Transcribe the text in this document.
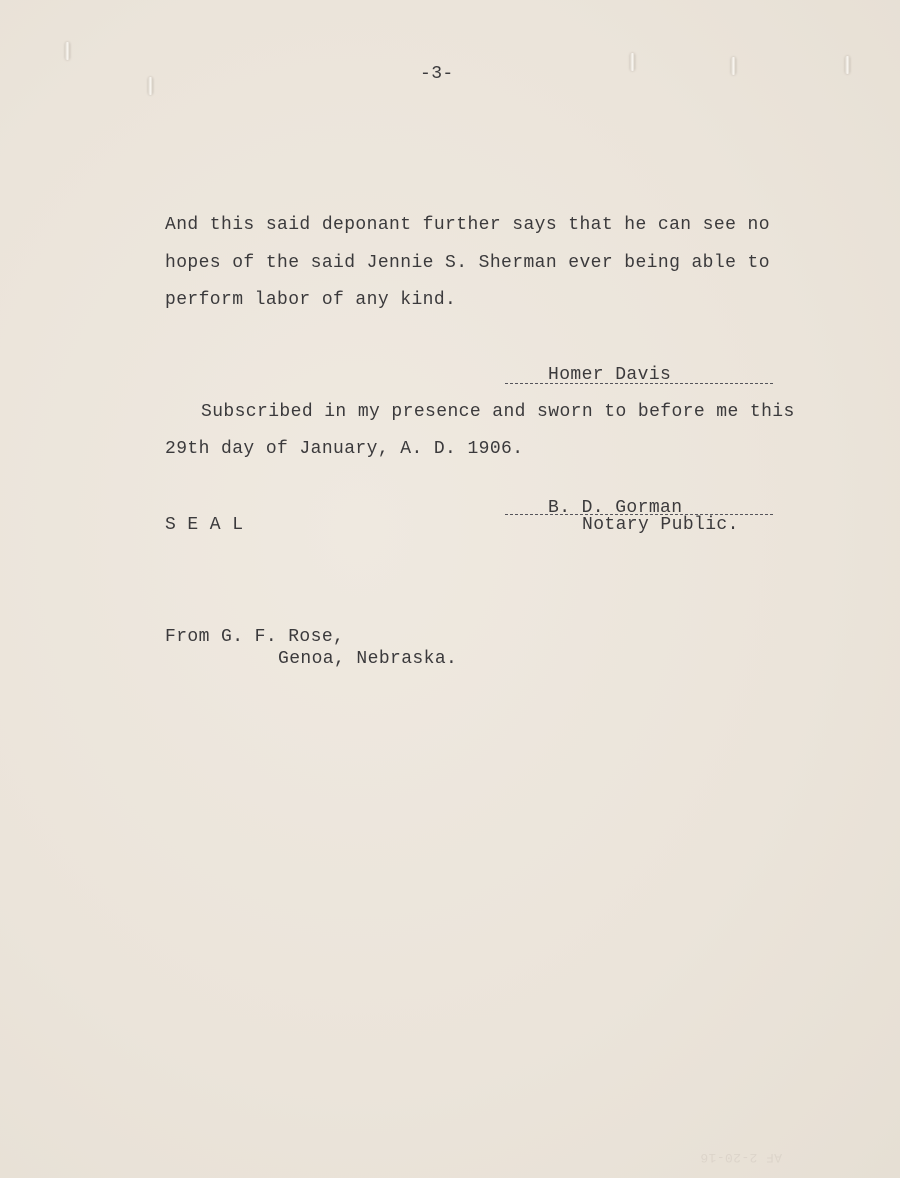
-3-
And this said deponant further says that he can see no
hopes of the said Jennie S. Sherman ever being able to
perform labor of any kind.
Homer Davis
Subscribed in my presence and sworn to before me this
29th day of January, A. D. 1906.
B. D. Gorman
S E A L	Notary Public.
From G. F. Rose,
Genoa, Nebraska.
AF 2-20-16
